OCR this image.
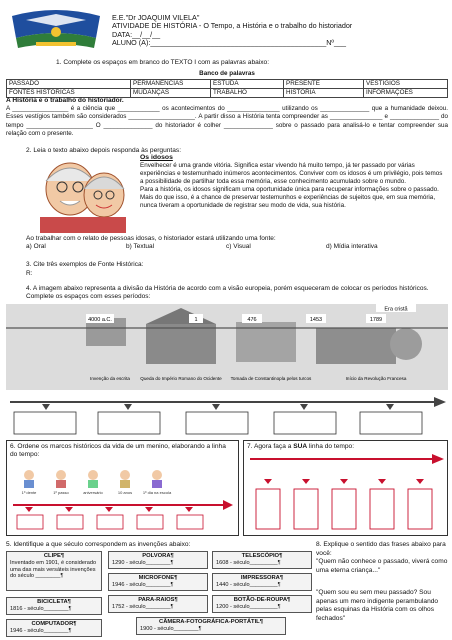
E.E."Dr JOAQUIM VILELA"
ATIVIDADE DE HISTÓRIA - O Tempo, a História e o trabalho do historiador
DATA:__/__/__
ALUNO (A):____________________________________________Nº___
1. Complete os espaços em branco do TEXTO I com as palavras abaixo:
Banco de palavras				
PASSADO	PERMANENCIAS	ESTUDA	PRESENTE	VESTIGIOS
FONTES HISTORICAS	MUDANÇAS	TRABALHO	HISTORIA	INFORMAÇOES
A História e o trabalho do historiador.
A ________________ é a ciência que ____________ os acontecimentos do _______________ utilizando os ______________ que a humanidade deixou. Esses vestígios também são considerados ___________________. A partir disso a História tenta compreender as _______________ e ______________ do tempo ___________________ O ______________ do historiador é colher ______________ sobre o passado para analisá-lo e tentar compreender sua relação com o presente.
2. Leia o texto abaixo depois responda às perguntas:
Os idosos
Envelhecer é uma grande vitória. Significa estar vivendo há muito tempo, já ter passado por várias experiências e testemunhado inúmeros acontecimentos. Conviver com os idosos é um privilégio, pois temos a possibilidade de partilhar toda essa memória, esse conhecimento acumulado sobre o mundo.
Para a história, os idosos significam uma oportunidade única para recuperar informações sobre o passado. Mais do que isso, é a chance de preservar testemunhos e experiências de sujeitos que, em sua memória, nunca tiveram a oportunidade de registrar seu modo de vida, sua história.
Ao trabalhar com o relato de pessoas idosas, o historiador estará utilizando uma fonte:
a) Oral	b) Textual	c) Visual	d) Mídia interativa
3. Cite três exemplos de Fonte Histórica:
R:
4. A imagem abaixo representa a divisão da História de acordo com a visão europeia, porém esqueceram de colocar os períodos históricos. Complete os espaços com esses períodos:
Era cristã
4000 a.C.	1	476	1453	1789
Invenção da escrita Queda do Império Romano do Ocidente Tomada de Constantinopla pelos turcos	Início da Revolução Francesa
6. Ordene os marcos históricos da vida de um menino, elaborando a linha do tempo:
1º dente	1º passo	aniversário	10 anos	1º dia na escola
7. Agora faça a SUA linha do tempo:
5. Identifique a que século correspondem as invenções abaixo:
CLIPE¶
Inventado em 1901, é considerado uma das mais versáteis invenções do século ________¶
POLVORA¶
1290 - século________¶
TELESCÓPIO¶
1608 - século_________¶
MICROFONE¶
1946 - século________¶
IMPRESSORA¶
1440 - século_________¶
BICICLETA¶
1816 - século________¶
PARA-RAIOS¶
1752 - século________¶
BOTÃO-DE-ROUPA¶
1200 - século_________¶
COMPUTADOR¶
1946 - século________¶
CÂMERA-FOTOGRÁFICA-PORTÁTIL¶
1900 - século________¶
8. Explique o sentido das frases abaixo para você:
"Quem não conhece o passado, viverá como uma eterna criança..."
"Quem sou eu sem meu passado? Sou apenas um mero indigente perambulando pelas esquinas da História com os olhos fechados"
